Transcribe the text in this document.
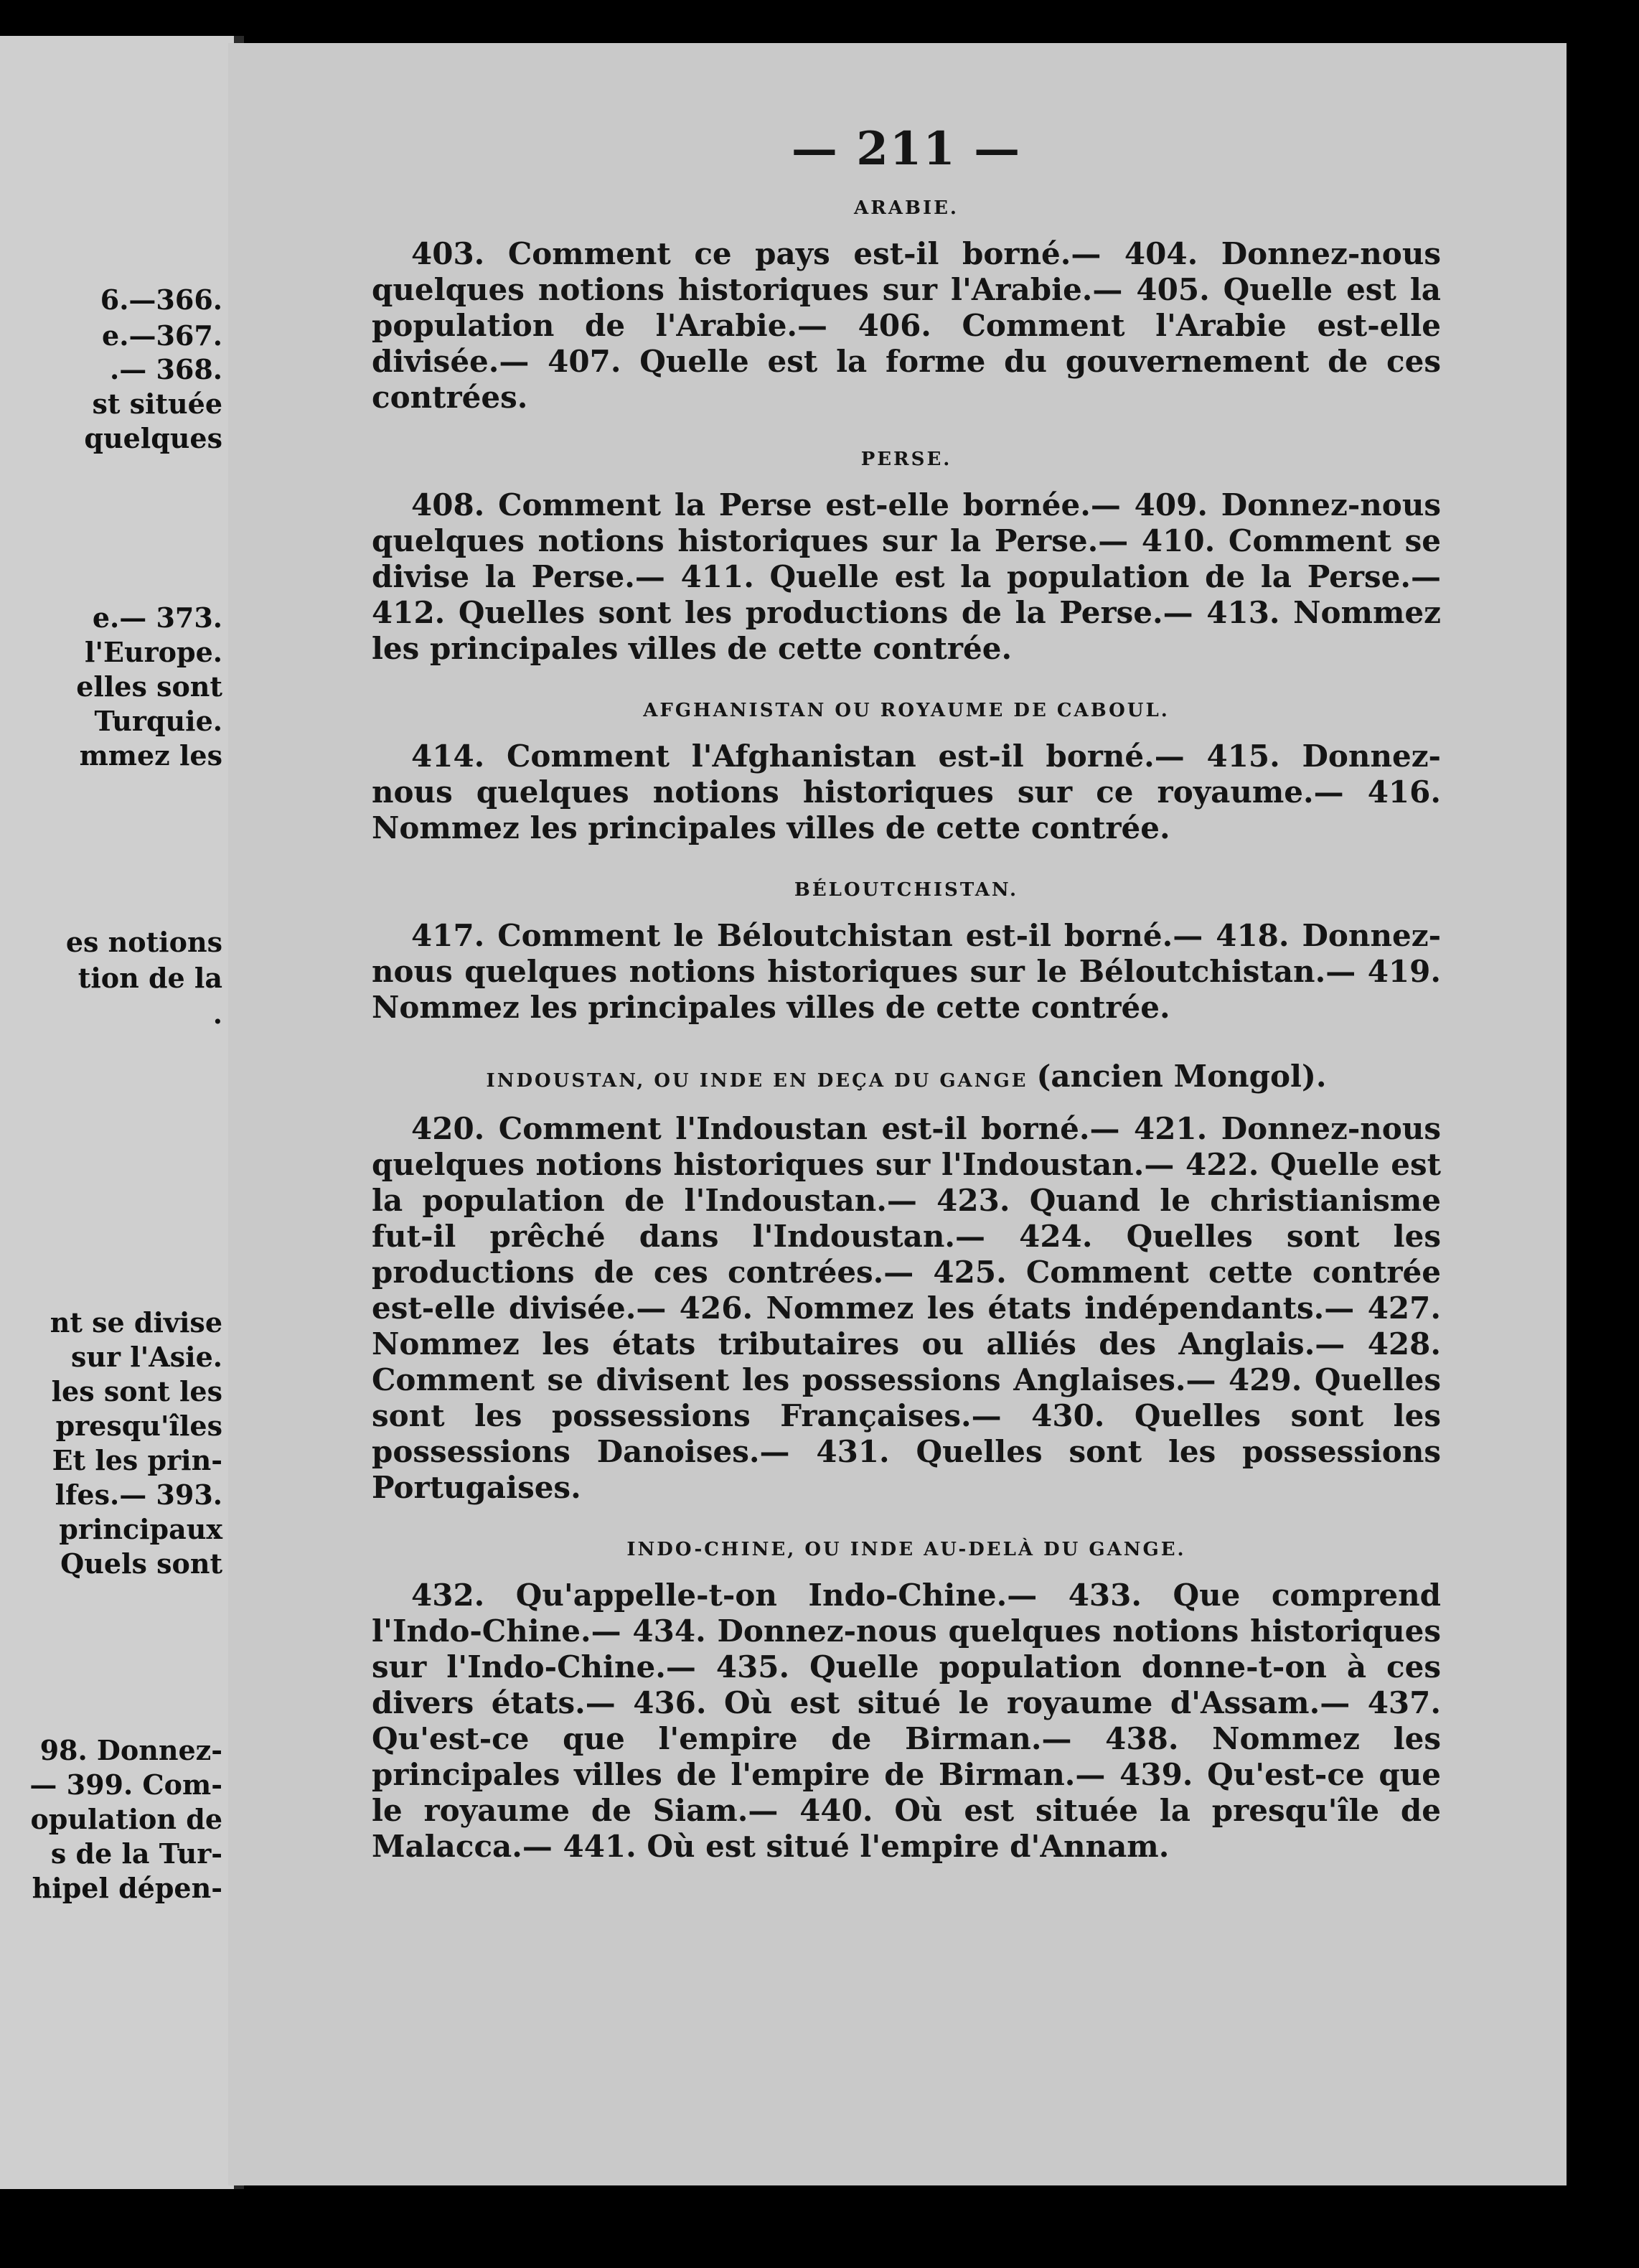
6.—366.
e.—367.
.— 368.
st située
quelques
e.— 373.
l'Europe.
elles sont
Turquie.
mmez les
es notions
tion de la
.
nt se divise
sur l'Asie.
les sont les
presqu'îles
Et les prin-
lfes.— 393.
principaux
Quels sont
98. Donnez-
— 399. Com-
opulation de
s de la Tur-
hipel dépen-
— 211 —
ARABIE.

403. Comment ce pays est-il borné.— 404. Donnez-nous quelques notions historiques sur l'Arabie.— 405. Quelle est la population de l'Arabie.— 406. Comment l'Arabie est-elle divisée.— 407. Quelle est la forme du gouvernement de ces contrées.

PERSE.

408. Comment la Perse est-elle bornée.— 409. Donnez-nous quelques notions historiques sur la Perse.— 410. Comment se divise la Perse.— 411. Quelle est la population de la Perse.— 412. Quelles sont les productions de la Perse.— 413. Nommez les principales villes de cette contrée.

AFGHANISTAN OU ROYAUME DE CABOUL.

414. Comment l'Afghanistan est-il borné.— 415. Donnez-nous quelques notions historiques sur ce royaume.— 416. Nommez les principales villes de cette contrée.

BÉLOUTCHISTAN.

417. Comment le Béloutchistan est-il borné.— 418. Donnez-nous quelques notions historiques sur le Béloutchistan.— 419. Nommez les principales villes de cette contrée.

INDOUSTAN, OU INDE EN DEÇA DU GANGE (ancien Mongol).

420. Comment l'Indoustan est-il borné.— 421. Donnez-nous quelques notions historiques sur l'Indoustan.— 422. Quelle est la population de l'Indoustan.— 423. Quand le christianisme fut-il prêché dans l'Indoustan.— 424. Quelles sont les productions de ces contrées.— 425. Comment cette contrée est-elle divisée.— 426. Nommez les états indépendants.— 427. Nommez les états tributaires ou alliés des Anglais.— 428. Comment se divisent les possessions Anglaises.— 429. Quelles sont les possessions Françaises.— 430. Quelles sont les possessions Danoises.— 431. Quelles sont les possessions Portugaises.

INDO-CHINE, OU INDE AU-DELÀ DU GANGE.

432. Qu'appelle-t-on Indo-Chine.— 433. Que comprend l'Indo-Chine.— 434. Donnez-nous quelques notions historiques sur l'Indo-Chine.— 435. Quelle population donne-t-on à ces divers états.— 436. Où est situé le royaume d'Assam.— 437. Qu'est-ce que l'empire de Birman.— 438. Nommez les principales villes de l'empire de Birman.— 439. Qu'est-ce que le royaume de Siam.— 440. Où est située la presqu'île de Malacca.— 441. Où est situé l'empire d'Annam.
